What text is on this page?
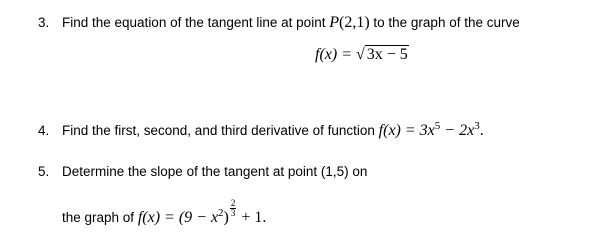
3. Find the equation of the tangent line at point P(2,1) to the graph of the curve
f(x) = √ 3x − 5
4. Find the first, second, and third derivative of function $f(x) = 3x^5 - 2x^3$.
5. Determine the slope of the tangent at point (1,5) on
the graph of $f(x) = (9 - x^2) \frac{2}{3} + 1$.
